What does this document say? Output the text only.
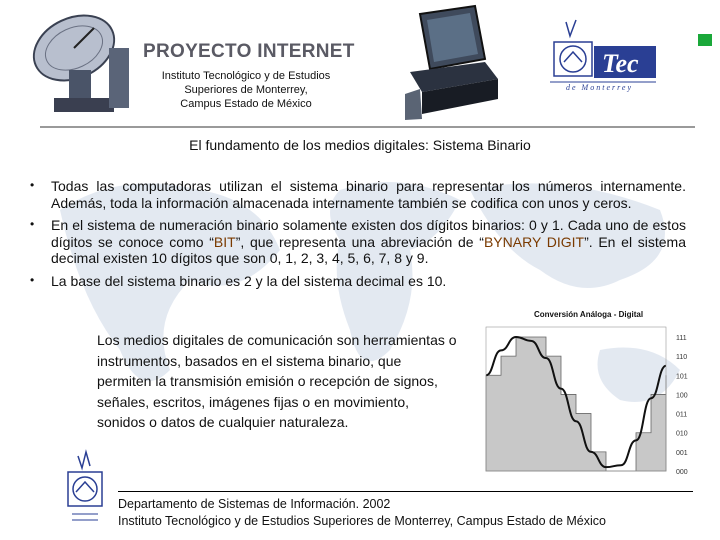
Tec
de Monterrey
PROYECTO INTERNET
Instituto Tecnológico y de Estudios
Superiores de Monterrey,
Campus Estado de México
El fundamento de los medios digitales: Sistema Binario
• Todas las computadoras utilizan el sistema binario para representar los números internamente. Además, toda la información almacenada internamente también se codifica con unos y ceros.
• En el sistema de numeración binario solamente existen dos dígitos binarios: 0 y 1. Cada uno de estos dígitos se conoce como “BIT”, que representa una abreviación de “BYNARY DIGIT”. En el sistema decimal existen 10 dígitos que son 0, 1, 2, 3, 4, 5, 6, 7, 8 y 9.
• La base del sistema binario es 2 y la del sistema decimal es 10.
Conversión Análoga - Digital
111
110
101
100
011
010
001
000
Los medios digitales de comunicación son herramientas o instrumentos, basados en el sistema binario, que permiten la transmisión emisión o recepción de signos, señales, escritos, imágenes fijas o en movimiento, sonidos o datos de cualquier naturaleza.
Departamento de Sistemas de Información. 2002
Instituto Tecnológico y de Estudios Superiores de Monterrey, Campus Estado de México
